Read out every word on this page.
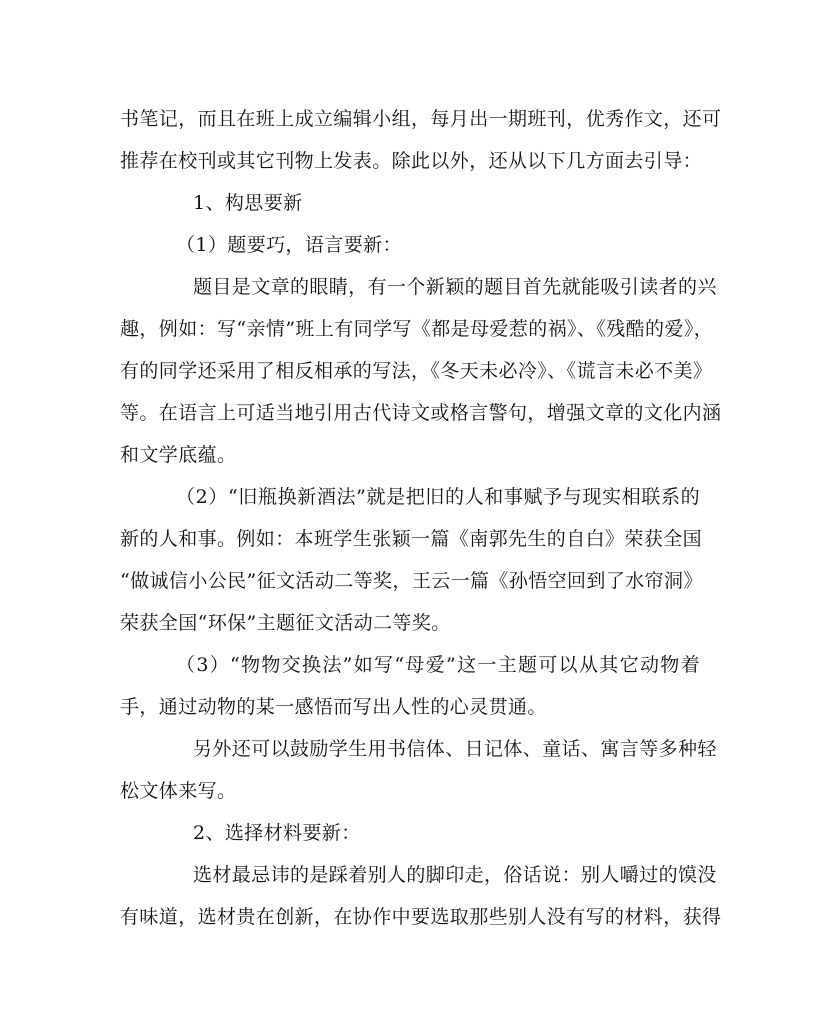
书笔记，而且在班上成立编辑小组，每月出一期班刊，优秀作文，还可
推荐在校刊或其它刊物上发表。除此以外，还从以下几方面去引导：
1、构思要新
（1）题要巧，语言要新：
题目是文章的眼睛，有一个新颖的题目首先就能吸引读者的兴
趣，例如：写“亲情”班上有同学写《都是母爱惹的祸》、《残酷的爱》，
有的同学还采用了相反相承的写法，《冬天未必冷》、《谎言未必不美》
等。在语言上可适当地引用古代诗文或格言警句，增强文章的文化内涵
和文学底蕴。
（2）“旧瓶换新酒法”就是把旧的人和事赋予与现实相联系的
新的人和事。例如：本班学生张颖一篇《南郭先生的自白》荣获全国
“做诚信小公民”征文活动二等奖，王云一篇《孙悟空回到了水帘洞》
荣获全国“环保”主题征文活动二等奖。
（3）“物物交换法”如写“母爱”这一主题可以从其它动物着
手，通过动物的某一感悟而写出人性的心灵贯通。
另外还可以鼓励学生用书信体、日记体、童话、寓言等多种轻
松文体来写。
2、选择材料要新：
选材最忌讳的是踩着别人的脚印走，俗话说：别人嚼过的馍没
有味道，选材贵在创新，在协作中要选取那些别人没有写的材料，获得
